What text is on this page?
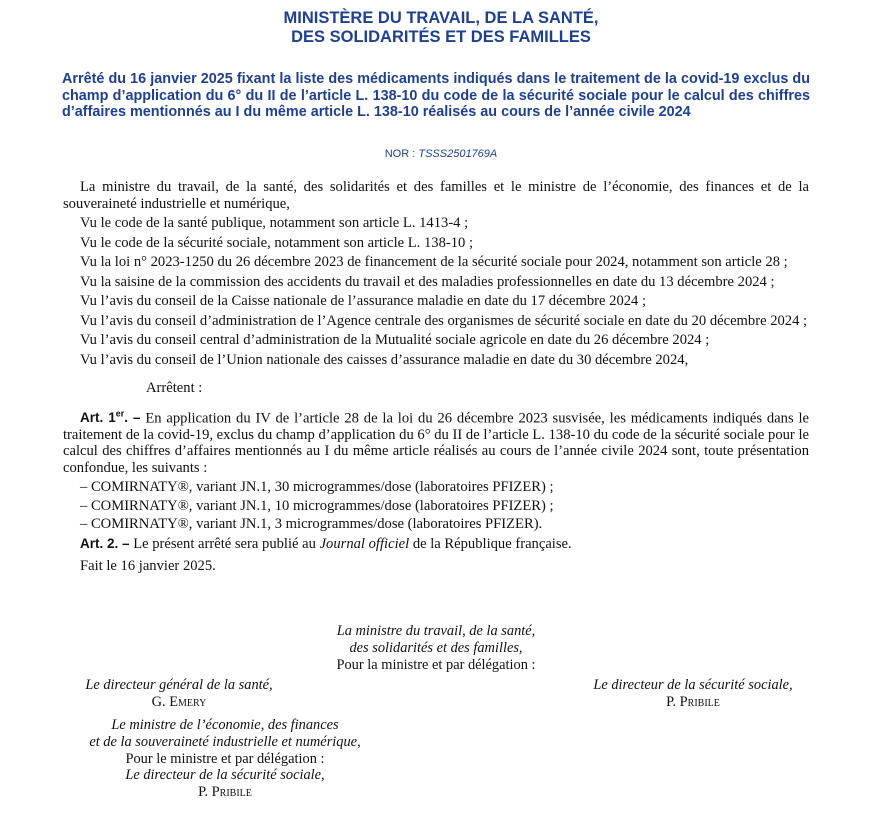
MINISTÈRE DU TRAVAIL, DE LA SANTÉ,
DES SOLIDARITÉS ET DES FAMILLES
Arrêté du 16 janvier 2025 fixant la liste des médicaments indiqués dans le traitement de la covid-19 exclus du champ d’application du 6° du II de l’article L. 138-10 du code de la sécurité sociale pour le calcul des chiffres d’affaires mentionnés au I du même article L. 138-10 réalisés au cours de l’année civile 2024
NOR : TSSS2501769A

La ministre du travail, de la santé, des solidarités et des familles et le ministre de l’économie, des finances et de la souveraineté industrielle et numérique,

Vu le code de la santé publique, notamment son article L. 1413-4 ;

Vu le code de la sécurité sociale, notamment son article L. 138-10 ;

Vu la loi n° 2023-1250 du 26 décembre 2023 de financement de la sécurité sociale pour 2024, notamment son article 28 ;

Vu la saisine de la commission des accidents du travail et des maladies professionnelles en date du 13 décembre 2024 ;

Vu l’avis du conseil de la Caisse nationale de l’assurance maladie en date du 17 décembre 2024 ;

Vu l’avis du conseil d’administration de l’Agence centrale des organismes de sécurité sociale en date du 20 décembre 2024 ;

Vu l’avis du conseil central d’administration de la Mutualité sociale agricole en date du 26 décembre 2024 ;

Vu l’avis du conseil de l’Union nationale des caisses d’assurance maladie en date du 30 décembre 2024,

Arrêtent :

Art. 1er. – En application du IV de l’article 28 de la loi du 26 décembre 2023 susvisée, les médicaments indiqués dans le traitement de la covid-19, exclus du champ d’application du 6° du II de l’article L. 138-10 du code de la sécurité sociale pour le calcul des chiffres d’affaires mentionnés au I du même article réalisés au cours de l’année civile 2024 sont, toute présentation confondue, les suivants :

– COMIRNATY®, variant JN.1, 30 microgrammes/dose (laboratoires PFIZER) ;
– COMIRNATY®, variant JN.1, 10 microgrammes/dose (laboratoires PFIZER) ;
– COMIRNATY®, variant JN.1, 3 microgrammes/dose (laboratoires PFIZER).

Art. 2. – Le présent arrêté sera publié au Journal officiel de la République française.

Fait le 16 janvier 2025.

La ministre du travail, de la santé,
des solidarités et des familles,
Pour la ministre et par délégation :
Le directeur général de la santé,
G. Emery
Le directeur de la sécurité sociale,
P. Pribile
Le ministre de l’économie, des finances
et de la souveraineté industrielle et numérique,
Pour le ministre et par délégation :
Le directeur de la sécurité sociale,
P. Pribile
